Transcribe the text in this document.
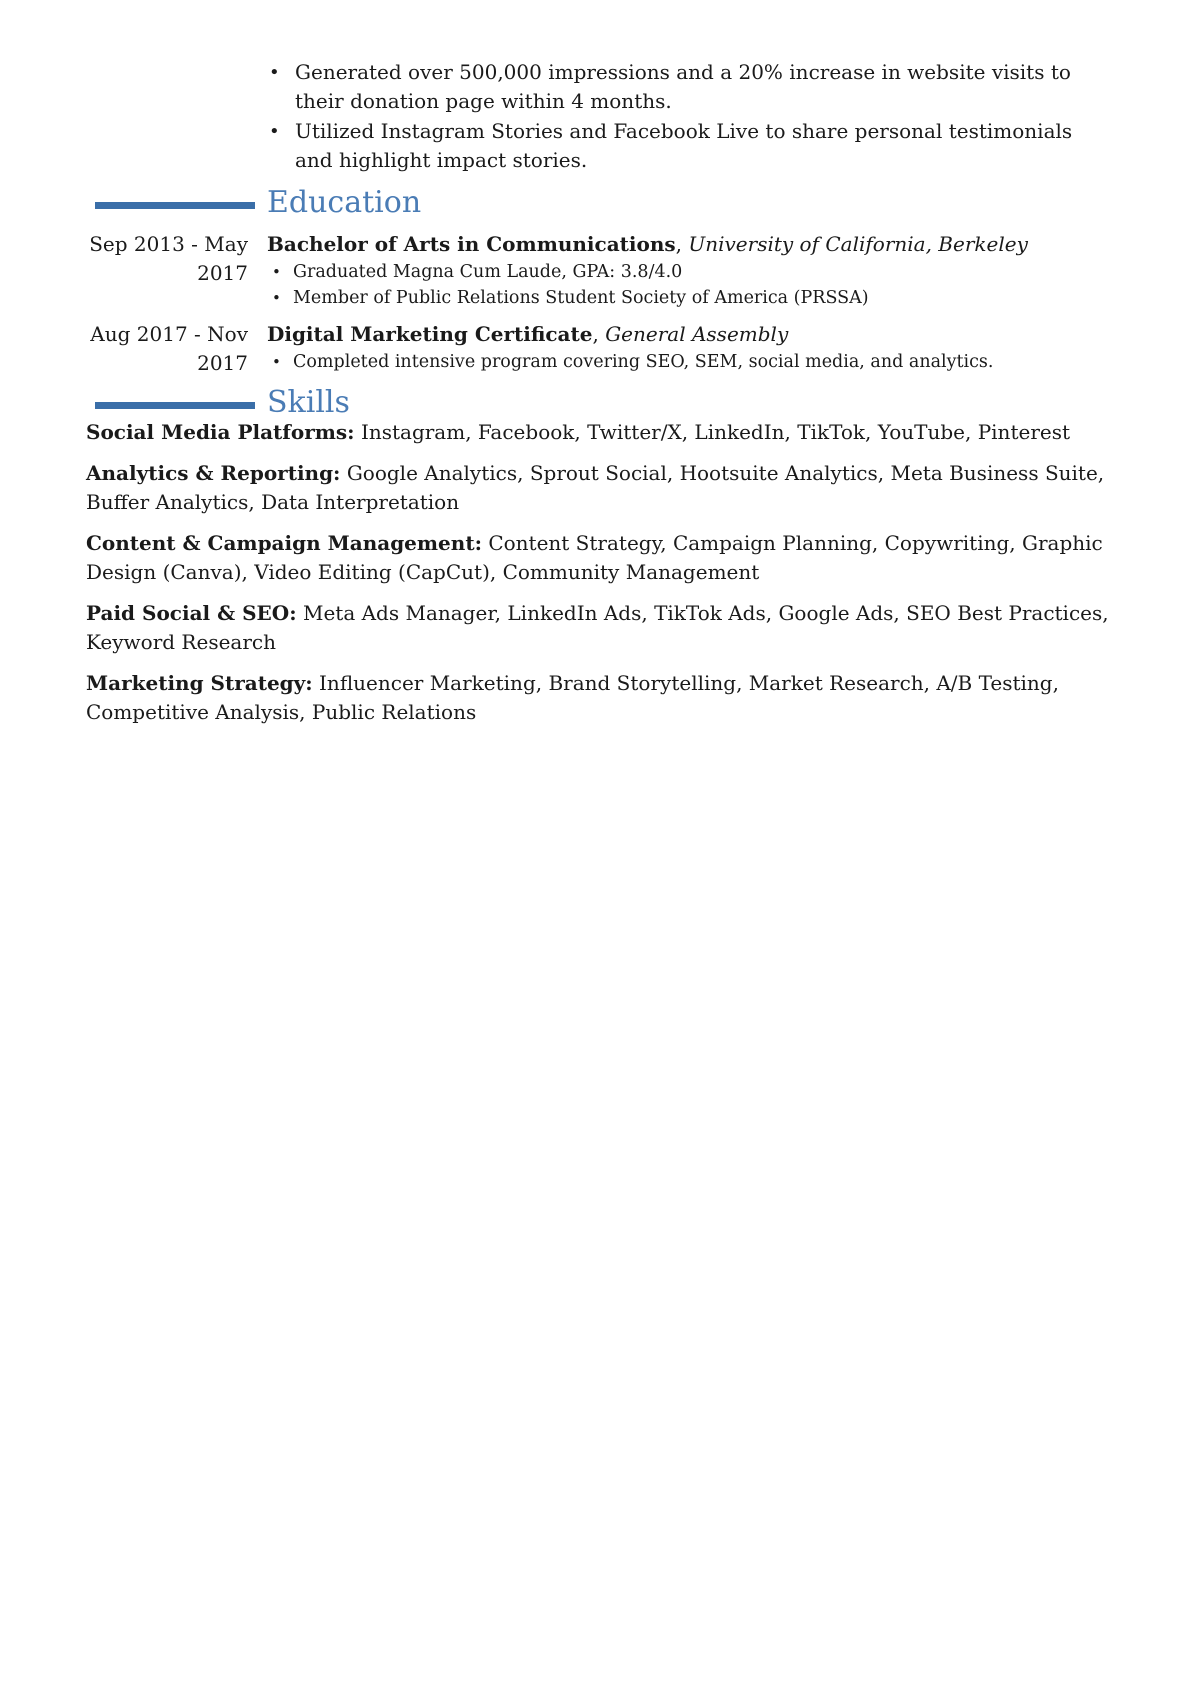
• Generated over 500,000 impressions and a 20% increase in website visits to their donation page within 4 months.
• Utilized Instagram Stories and Facebook Live to share personal testimonials and highlight impact stories.
Education
Sep 2013 - May 2017
Bachelor of Arts in Communications, University of California, Berkeley
• Graduated Magna Cum Laude, GPA: 3.8/4.0
• Member of Public Relations Student Society of America (PRSSA)
Aug 2017 - Nov 2017
Digital Marketing Certificate, General Assembly
• Completed intensive program covering SEO, SEM, social media, and analytics.
Skills
Social Media Platforms: Instagram, Facebook, Twitter/X, LinkedIn, TikTok, YouTube, Pinterest
Analytics & Reporting: Google Analytics, Sprout Social, Hootsuite Analytics, Meta Business Suite, Buffer Analytics, Data Interpretation
Content & Campaign Management: Content Strategy, Campaign Planning, Copywriting, Graphic Design (Canva), Video Editing (CapCut), Community Management
Paid Social & SEO: Meta Ads Manager, LinkedIn Ads, TikTok Ads, Google Ads, SEO Best Practices, Keyword Research
Marketing Strategy: Influencer Marketing, Brand Storytelling, Market Research, A/B Testing, Competitive Analysis, Public Relations
